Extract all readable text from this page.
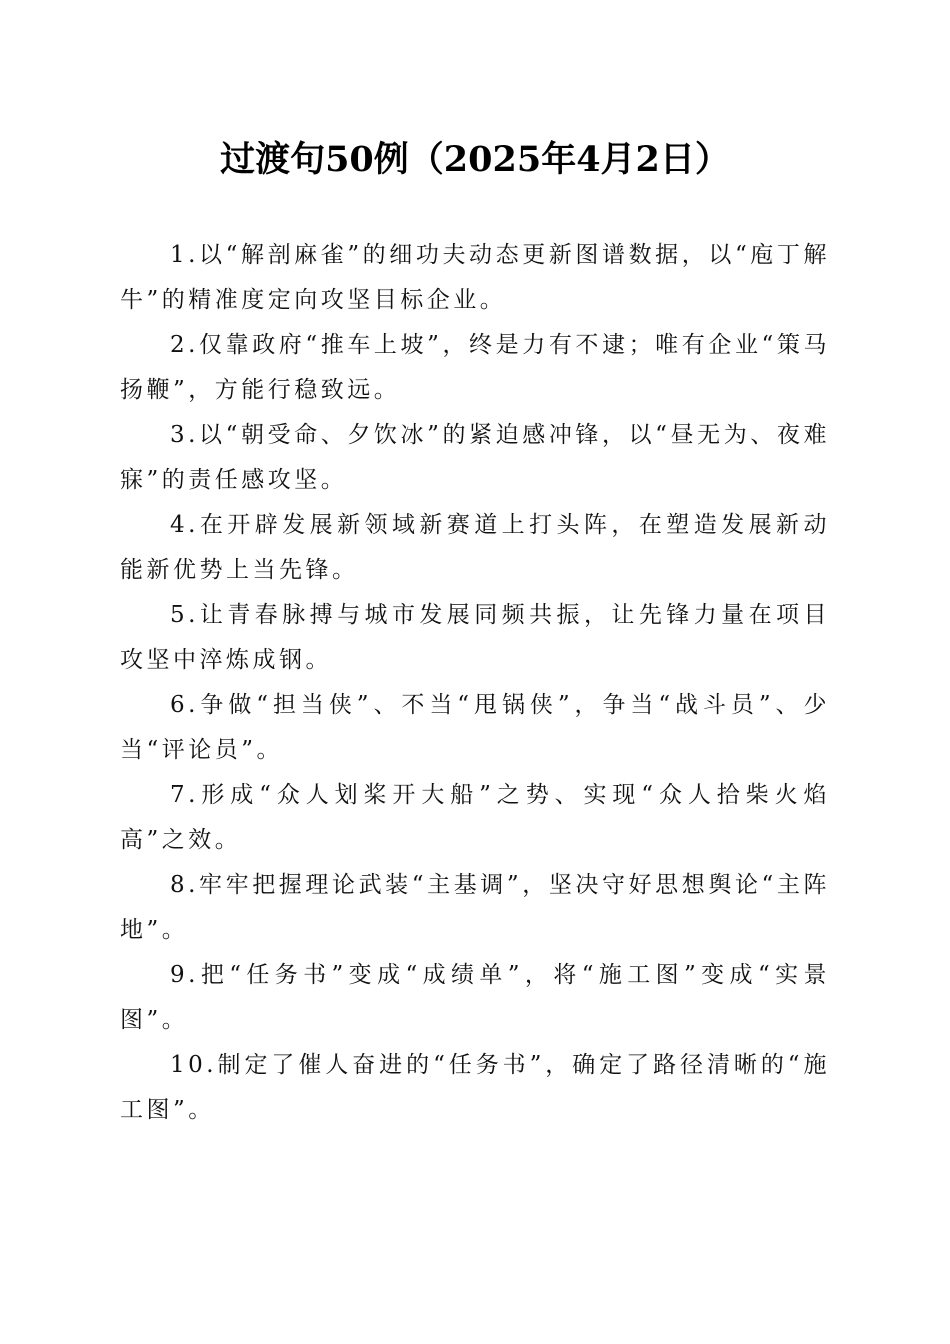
过渡句50例（2025年4月2日）

1.以“解剖麻雀”的细功夫动态更新图谱数据，以“庖丁解牛”的精准度定向攻坚目标企业。

2.仅靠政府“推车上坡”，终是力有不逮；唯有企业“策马扬鞭”，方能行稳致远。

3.以“朝受命、夕饮冰”的紧迫感冲锋，以“昼无为、夜难寐”的责任感攻坚。

4.在开辟发展新领域新赛道上打头阵，在塑造发展新动能新优势上当先锋。

5.让青春脉搏与城市发展同频共振，让先锋力量在项目攻坚中淬炼成钢。

6.争做“担当侠”、不当“甩锅侠”，争当“战斗员”、少当“评论员”。

7.形成“众人划桨开大船”之势、实现“众人拾柴火焰高”之效。

8.牢牢把握理论武装“主基调”，坚决守好思想舆论“主阵地”。

9.把“任务书”变成“成绩单”，将“施工图”变成“实景图”。

10.制定了催人奋进的“任务书”，确定了路径清晰的“施工图”。
